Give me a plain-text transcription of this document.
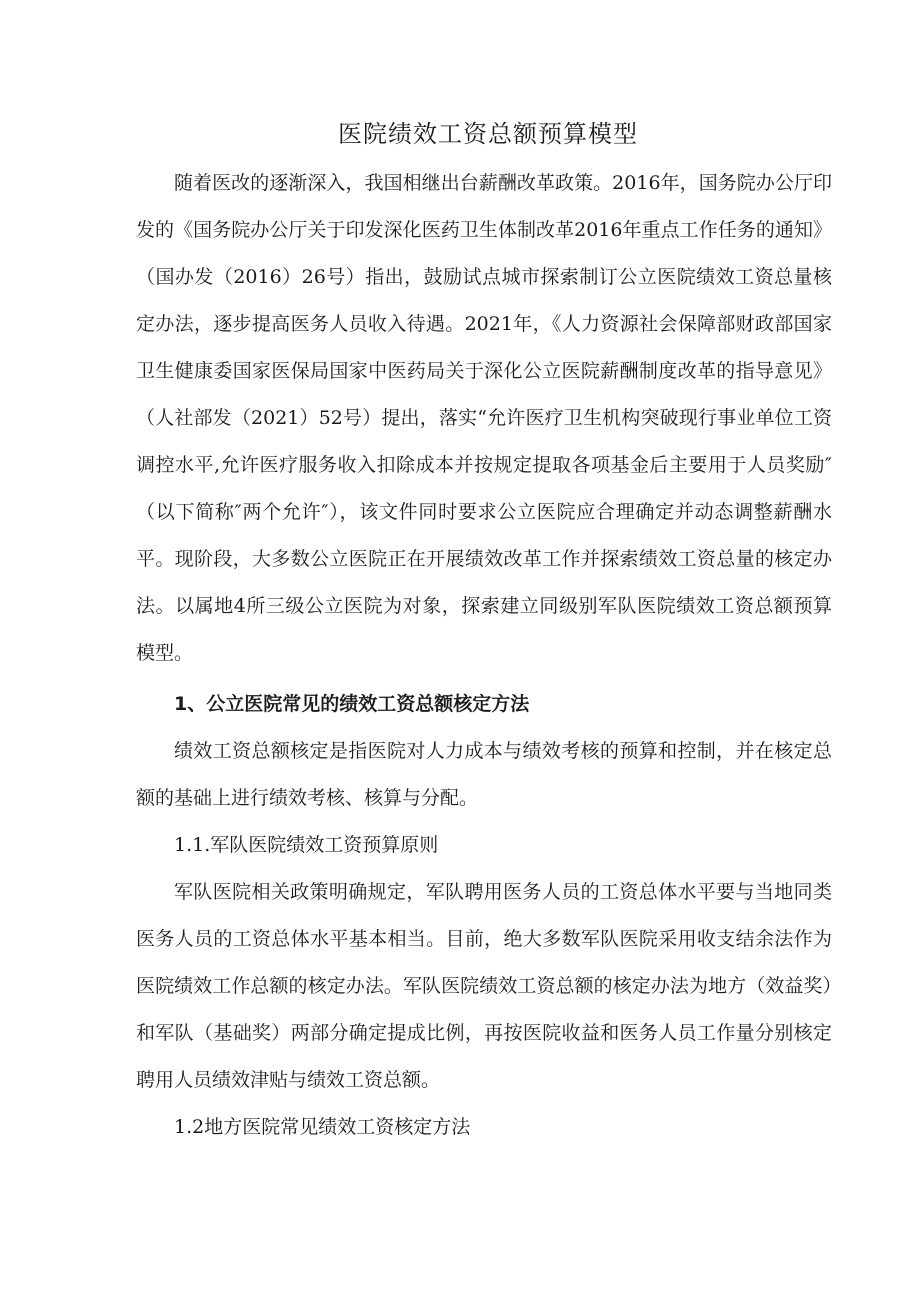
医院绩效工资总额预算模型

随着医改的逐渐深入，我国相继出台薪酬改革政策。2016年，国务院办公厅印发的《国务院办公厅关于印发深化医药卫生体制改革2016年重点工作任务的通知》（国办发（2016）26号）指出，鼓励试点城市探索制订公立医院绩效工资总量核定办法，逐步提高医务人员收入待遇。2021年，《人力资源社会保障部财政部国家卫生健康委国家医保局国家中医药局关于深化公立医院薪酬制度改革的指导意见》（人社部发（2021）52号）提出，落实“允许医疗卫生机构突破现行事业单位工资调控水平,允许医疗服务收入扣除成本并按规定提取各项基金后主要用于人员奖励″（以下简称″两个允许″），该文件同时要求公立医院应合理确定并动态调整薪酬水平。现阶段，大多数公立医院正在开展绩效改革工作并探索绩效工资总量的核定办法。以属地4所三级公立医院为对象，探索建立同级别军队医院绩效工资总额预算模型。

1、公立医院常见的绩效工资总额核定方法

绩效工资总额核定是指医院对人力成本与绩效考核的预算和控制，并在核定总额的基础上进行绩效考核、核算与分配。

1.1.军队医院绩效工资预算原则

军队医院相关政策明确规定，军队聘用医务人员的工资总体水平要与当地同类医务人员的工资总体水平基本相当。目前，绝大多数军队医院采用收支结余法作为医院绩效工作总额的核定办法。军队医院绩效工资总额的核定办法为地方（效益奖）和军队（基础奖）两部分确定提成比例，再按医院收益和医务人员工作量分别核定聘用人员绩效津贴与绩效工资总额。

1.2地方医院常见绩效工资核定方法
